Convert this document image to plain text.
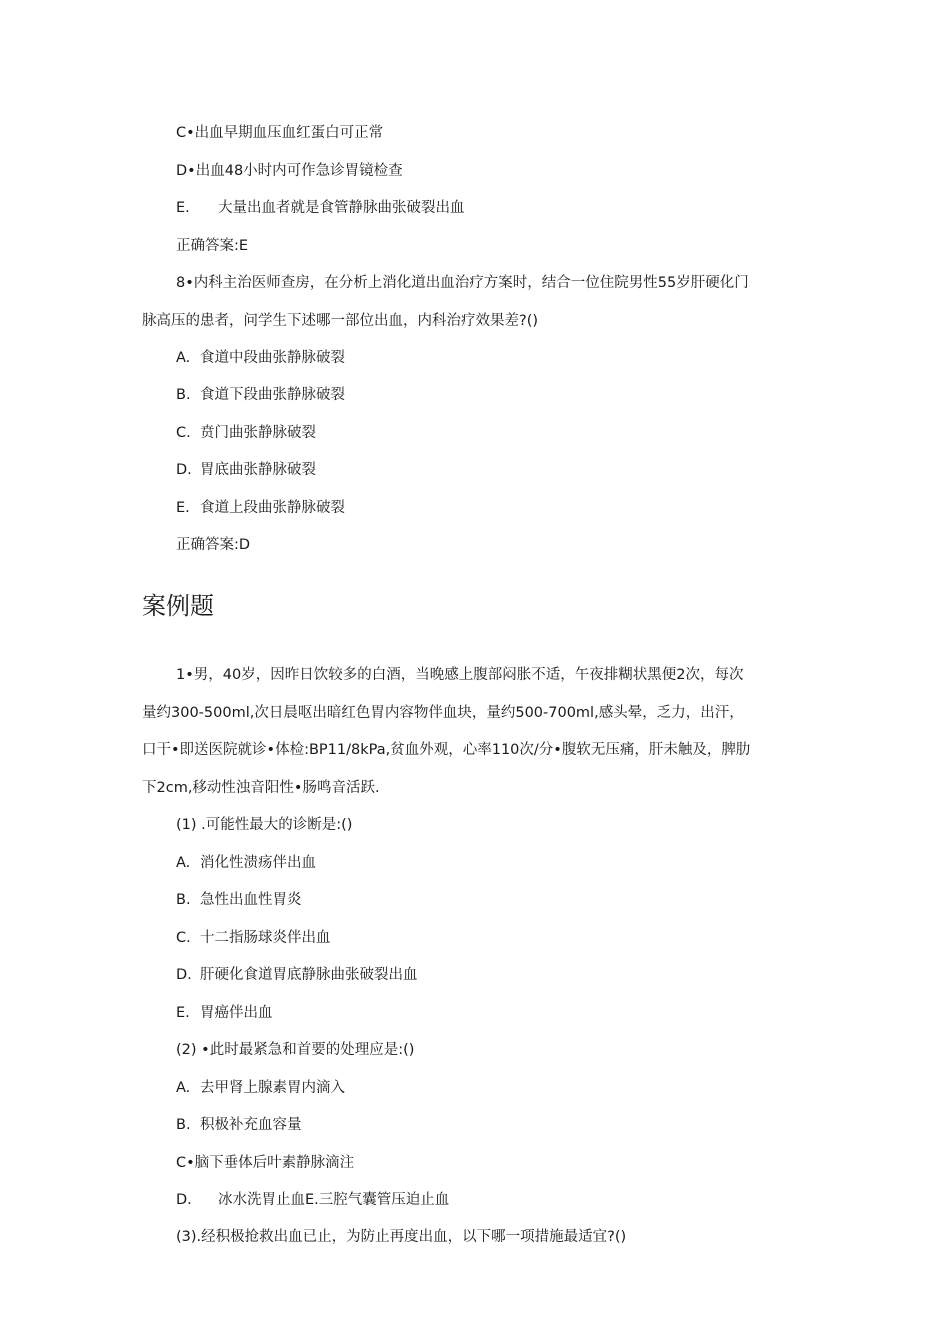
C•出血早期血压血红蛋白可正常
D•出血48小时内可作急诊胃镜检查
E. 大量出血者就是食管静脉曲张破裂出血
正确答案:E
8•内科主治医师查房，在分析上消化道出血治疗方案时，结合一位住院男性55岁肝硬化门
脉高压的患者，问学生下述哪一部位出血，内科治疗效果差?()
A. 食道中段曲张静脉破裂
B. 食道下段曲张静脉破裂
C. 贲门曲张静脉破裂
D. 胃底曲张静脉破裂
E. 食道上段曲张静脉破裂
正确答案:D
案例题
1•男，40岁，因昨日饮较多的白酒，当晚感上腹部闷胀不适，午夜排糊状黑便2次，每次
量约300-500ml,次日晨呕出暗红色胃内容物伴血块，量约500-700ml,感头晕，乏力，出汗，
口干•即送医院就诊•体检:BP11/8kPa,贫血外观，心率110次/分•腹软无压痛，肝未触及，脾肋
下2cm,移动性浊音阳性•肠鸣音活跃.
(1) .可能性最大的诊断是:()
A. 消化性溃疡伴出血
B. 急性出血性胃炎
C. 十二指肠球炎伴出血
D. 肝硬化食道胃底静脉曲张破裂出血
E. 胃癌伴出血
(2) •此时最紧急和首要的处理应是:()
A. 去甲肾上腺素胃内滴入
B. 积极补充血容量
C•脑下垂体后叶素静脉滴注
D. 冰水洗胃止血E.三腔气囊管压迫止血
(3).经积极抢救出血已止，为防止再度出血，以下哪一项措施最适宜?()
